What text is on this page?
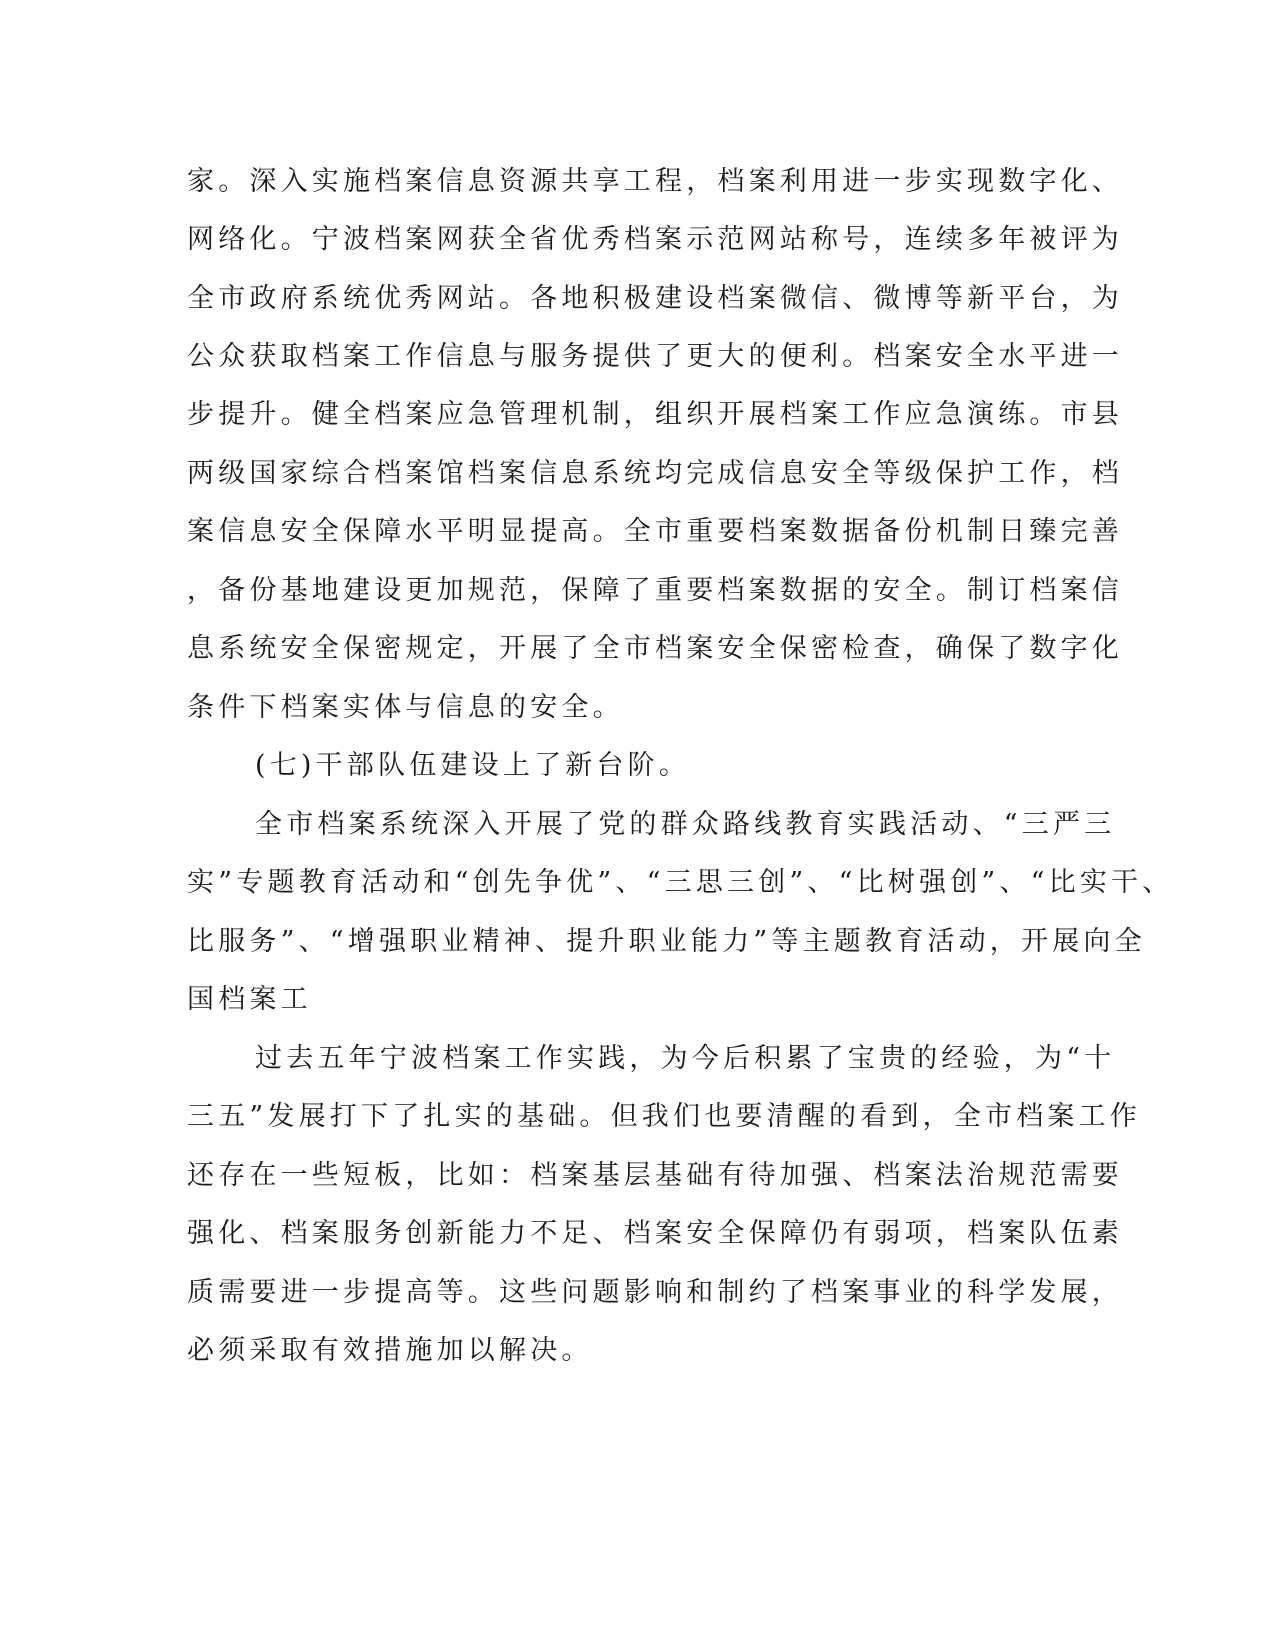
家。深入实施档案信息资源共享工程，档案利用进一步实现数字化、
网络化。宁波档案网获全省优秀档案示范网站称号，连续多年被评为
全市政府系统优秀网站。各地积极建设档案微信、微博等新平台，为
公众获取档案工作信息与服务提供了更大的便利。档案安全水平进一
步提升。健全档案应急管理机制，组织开展档案工作应急演练。市县
两级国家综合档案馆档案信息系统均完成信息安全等级保护工作，档
案信息安全保障水平明显提高。全市重要档案数据备份机制日臻完善
，备份基地建设更加规范，保障了重要档案数据的安全。制订档案信
息系统安全保密规定，开展了全市档案安全保密检查，确保了数字化
条件下档案实体与信息的安全。
(七)干部队伍建设上了新台阶。
全市档案系统深入开展了党的群众路线教育实践活动、“三严三
实”专题教育活动和“创先争优”、“三思三创”、“比树强创”、“比实干、
比服务”、“增强职业精神、提升职业能力”等主题教育活动，开展向全
国档案工
过去五年宁波档案工作实践，为今后积累了宝贵的经验，为“十
三五”发展打下了扎实的基础。但我们也要清醒的看到，全市档案工作
还存在一些短板，比如：档案基层基础有待加强、档案法治规范需要
强化、档案服务创新能力不足、档案安全保障仍有弱项，档案队伍素
质需要进一步提高等。这些问题影响和制约了档案事业的科学发展，
必须采取有效措施加以解决。
